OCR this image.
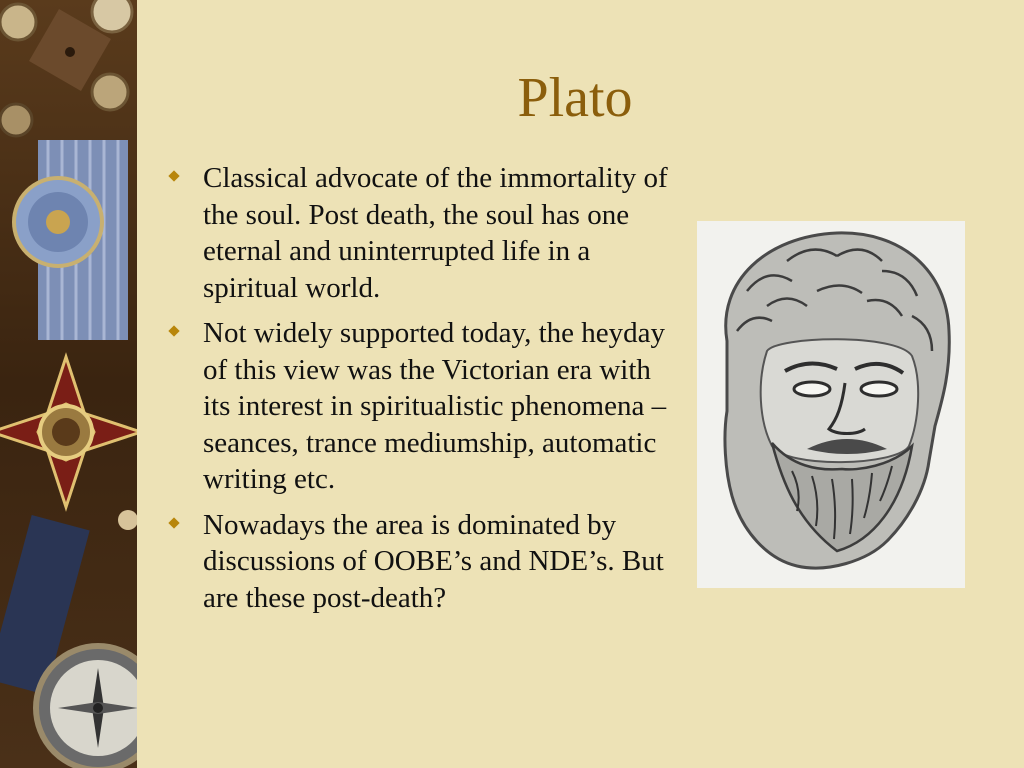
Plato
Classical advocate of the immortality of the soul. Post death, the soul has one eternal and uninterrupted life in a spiritual world.
Not widely supported today, the heyday of this view was the Victorian era with its interest in spiritualistic phenomena – seances, trance mediumship, automatic writing etc.
Nowadays the area is dominated by discussions of OOBE’s and NDE’s. But are these post-death?
